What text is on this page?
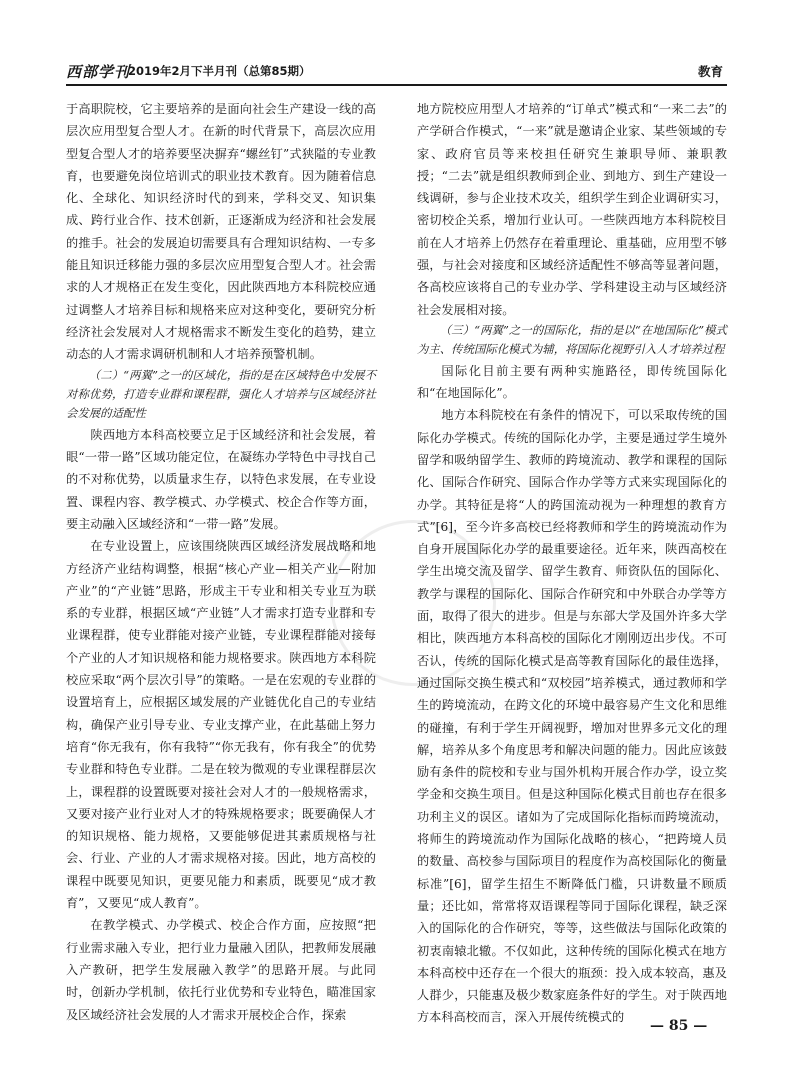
西部学刊
2019年2月下半月刊（总第85期）	教育

于高职院校，它主要培养的是面向社会生产建设一线的高层次应用型复合型人才。在新的时代背景下，高层次应用型复合型人才的培养要坚决摒弃“螺丝钉”式狭隘的专业教育，也要避免岗位培训式的职业技术教育。因为随着信息化、全球化、知识经济时代的到来，学科交叉、知识集成、跨行业合作、技术创新，正逐渐成为经济和社会发展的推手。社会的发展迫切需要具有合理知识结构、一专多能且知识迁移能力强的多层次应用型复合型人才。社会需求的人才规格正在发生变化，因此陕西地方本科院校应通过调整人才培养目标和规格来应对这种变化，要研究分析经济社会发展对人才规格需求不断发生变化的趋势，建立动态的人才需求调研机制和人才培养预警机制。

（二）“两翼”之一的区域化，指的是在区域特色中发展不对称优势，打造专业群和课程群，强化人才培养与区域经济社会发展的适配性

陕西地方本科高校要立足于区域经济和社会发展，着眼“一带一路”区域功能定位，在凝练办学特色中寻找自己的不对称优势，以质量求生存，以特色求发展，在专业设置、课程内容、教学模式、办学模式、校企合作等方面，要主动融入区域经济和“一带一路”发展。

在专业设置上，应该围绕陕西区域经济发展战略和地方经济产业结构调整，根据“核心产业—相关产业—附加产业”的“产业链”思路，形成主干专业和相关专业互为联系的专业群，根据区域“产业链”人才需求打造专业群和专业课程群，使专业群能对接产业链，专业课程群能对接每个产业的人才知识规格和能力规格要求。陕西地方本科院校应采取“两个层次引导”的策略。一是在宏观的专业群的设置培育上，应根据区域发展的产业链优化自己的专业结构，确保产业引导专业、专业支撑产业，在此基础上努力培育“你无我有，你有我特”“你无我有，你有我全”的优势专业群和特色专业群。二是在较为微观的专业课程群层次上，课程群的设置既要对接社会对人才的一般规格需求，又要对接产业行业对人才的特殊规格要求；既要确保人才的知识规格、能力规格，又要能够促进其素质规格与社会、行业、产业的人才需求规格对接。因此，地方高校的课程中既要见知识，更要见能力和素质，既要见“成才教育”，又要见“成人教育”。

在教学模式、办学模式、校企合作方面，应按照“把行业需求融入专业，把行业力量融入团队，把教师发展融入产教研，把学生发展融入教学”的思路开展。与此同时，创新办学机制，依托行业优势和专业特色，瞄准国家及区域经济社会发展的人才需求开展校企合作，探索

地方院校应用型人才培养的“订单式”模式和“一来二去”的产学研合作模式，“一来”就是邀请企业家、某些领域的专家、政府官员等来校担任研究生兼职导师、兼职教授；“二去”就是组织教师到企业、到地方、到生产建设一线调研，参与企业技术攻关，组织学生到企业调研实习，密切校企关系，增加行业认可。一些陕西地方本科院校目前在人才培养上仍然存在着重理论、重基础，应用型不够强，与社会对接度和区域经济适配性不够高等显著问题，各高校应该将自己的专业办学、学科建设主动与区域经济社会发展相对接。

（三）“两翼”之一的国际化，指的是以“在地国际化”模式为主、传统国际化模式为辅，将国际化视野引入人才培养过程

国际化目前主要有两种实施路径，即传统国际化和“在地国际化”。

地方本科院校在有条件的情况下，可以采取传统的国际化办学模式。传统的国际化办学，主要是通过学生境外留学和吸纳留学生、教师的跨境流动、教学和课程的国际化、国际合作研究、国际合作办学等方式来实现国际化的办学。其特征是将“人的跨国流动视为一种理想的教育方式”[6]，至今许多高校已经将教师和学生的跨境流动作为自身开展国际化办学的最重要途径。近年来，陕西高校在学生出境交流及留学、留学生教育、师资队伍的国际化、教学与课程的国际化、国际合作研究和中外联合办学等方面，取得了很大的进步。但是与东部大学及国外许多大学相比，陕西地方本科高校的国际化才刚刚迈出步伐。不可否认，传统的国际化模式是高等教育国际化的最佳选择，通过国际交换生模式和“双校园”培养模式，通过教师和学生的跨境流动，在跨文化的环境中最容易产生文化和思维的碰撞，有利于学生开阔视野，增加对世界多元文化的理解，培养从多个角度思考和解决问题的能力。因此应该鼓励有条件的院校和专业与国外机构开展合作办学，设立奖学金和交换生项目。但是这种国际化模式目前也存在很多功利主义的误区。诸如为了完成国际化指标而跨境流动，将师生的跨境流动作为国际化战略的核心，“把跨境人员的数量、高校参与国际项目的程度作为高校国际化的衡量标准”[6]，留学生招生不断降低门槛，只讲数量不顾质量；还比如，常常将双语课程等同于国际化课程，缺乏深入的国际化的合作研究，等等，这些做法与国际化政策的初衷南辕北辙。不仅如此，这种传统的国际化模式在地方本科高校中还存在一个很大的瓶颈：投入成本较高，惠及人群少，只能惠及极少数家庭条件好的学生。对于陕西地方本科高校而言，深入开展传统模式的

— 85 —
